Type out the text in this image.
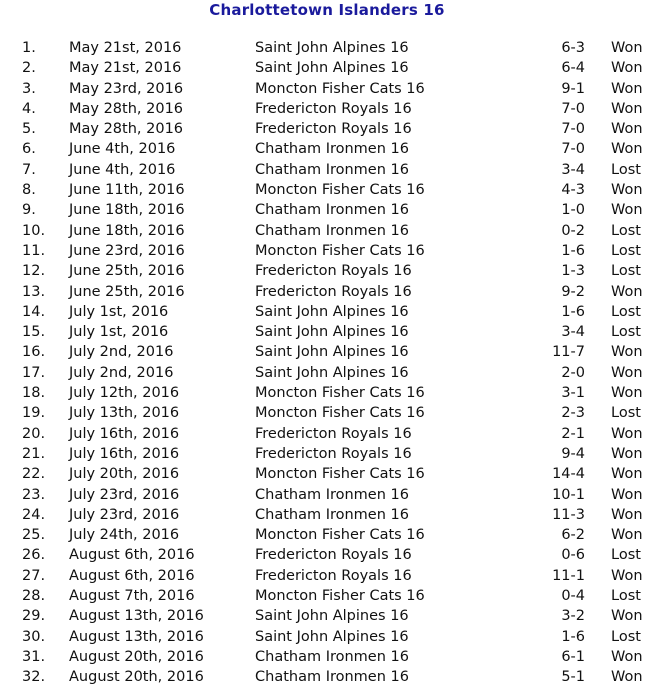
Charlottetown Islanders 16
1. May 21st, 2016	Saint John Alpines 16	6-3 Won
2. May 21st, 2016	Saint John Alpines 16	6-4 Won
3. May 23rd, 2016	Moncton Fisher Cats 16	9-1 Won
4. May 28th, 2016	Fredericton Royals 16	7-0 Won
5. May 28th, 2016	Fredericton Royals 16	7-0 Won
6. June 4th, 2016	Chatham Ironmen 16	7-0 Won
7. June 4th, 2016	Chatham Ironmen 16	3-4 Lost
8. June 11th, 2016	Moncton Fisher Cats 16	4-3 Won
9. June 18th, 2016	Chatham Ironmen 16	1-0 Won
10. June 18th, 2016	Chatham Ironmen 16	0-2 Lost
11. June 23rd, 2016	Moncton Fisher Cats 16	1-6 Lost
12. June 25th, 2016	Fredericton Royals 16	1-3 Lost
13. June 25th, 2016	Fredericton Royals 16	9-2 Won
14. July 1st, 2016	Saint John Alpines 16	1-6 Lost
15. July 1st, 2016	Saint John Alpines 16	3-4 Lost
16. July 2nd, 2016	Saint John Alpines 16	11-7 Won
17. July 2nd, 2016	Saint John Alpines 16	2-0 Won
18. July 12th, 2016	Moncton Fisher Cats 16	3-1 Won
19. July 13th, 2016	Moncton Fisher Cats 16	2-3 Lost
20. July 16th, 2016	Fredericton Royals 16	2-1 Won
21. July 16th, 2016	Fredericton Royals 16	9-4 Won
22. July 20th, 2016	Moncton Fisher Cats 16	14-4 Won
23. July 23rd, 2016	Chatham Ironmen 16	10-1 Won
24. July 23rd, 2016	Chatham Ironmen 16	11-3 Won
25. July 24th, 2016	Moncton Fisher Cats 16	6-2 Won
26. August 6th, 2016	Fredericton Royals 16	0-6 Lost
27. August 6th, 2016	Fredericton Royals 16	11-1 Won
28. August 7th, 2016	Moncton Fisher Cats 16	0-4 Lost
29. August 13th, 2016	Saint John Alpines 16	3-2 Won
30. August 13th, 2016	Saint John Alpines 16	1-6 Lost
31. August 20th, 2016	Chatham Ironmen 16	6-1 Won
32. August 20th, 2016	Chatham Ironmen 16	5-1 Won
